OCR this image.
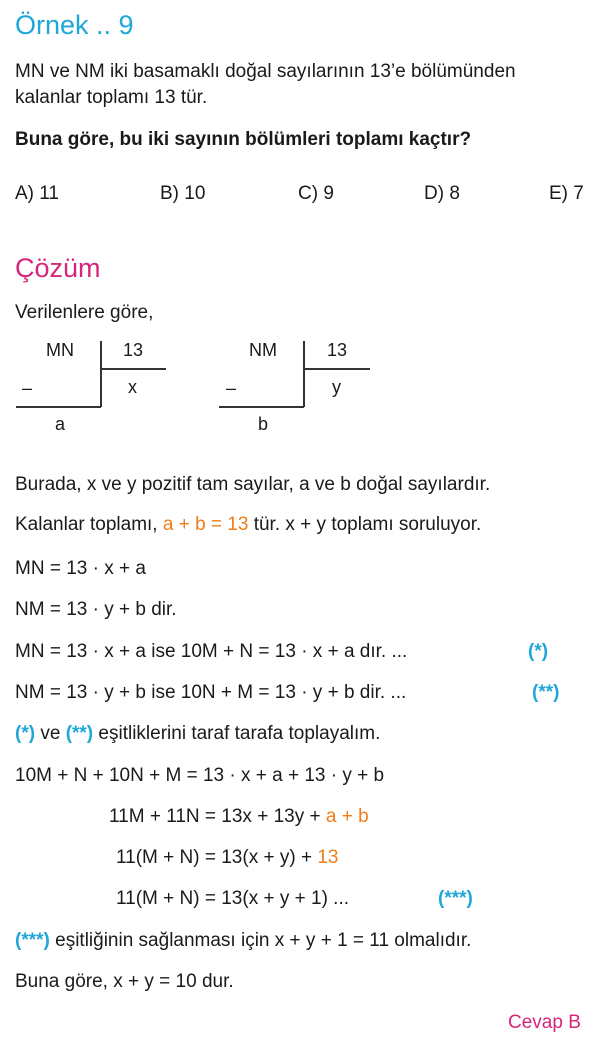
Örnek .. 9
MN ve NM iki basamaklı doğal sayılarının 13’e bölümünden
kalanlar toplamı 13 tür.
Buna göre, bu iki sayının bölümleri toplamı kaçtır?
A) 11	B) 10	C) 9	D) 8	E) 7
Çözüm
Verilenlere göre,
MN	13
–	x
a
NM	13
–	y
b
Burada, x ve y pozitif tam sayılar, a ve b doğal sayılardır.
Kalanlar toplamı, a + b = 13 tür. x + y toplamı soruluyor.
MN = 13 · x + a
NM = 13 · y + b dir.
MN = 13 · x + a ise 10M + N = 13 · x + a dır. ...	(*)
NM = 13 · y + b ise 10N + M = 13 · y + b dir. ...	(**)
(*) ve (**) eşitliklerini taraf tarafa toplayalım.
10M + N + 10N + M = 13 · x + a + 13 · y + b
11M + 11N = 13x + 13y + a + b
11(M + N) = 13(x + y) + 13
11(M + N) = 13(x + y + 1) ...	(***)
(***) eşitliğinin sağlanması için x + y + 1 = 11 olmalıdır.
Buna göre, x + y = 10 dur.
Cevap B
